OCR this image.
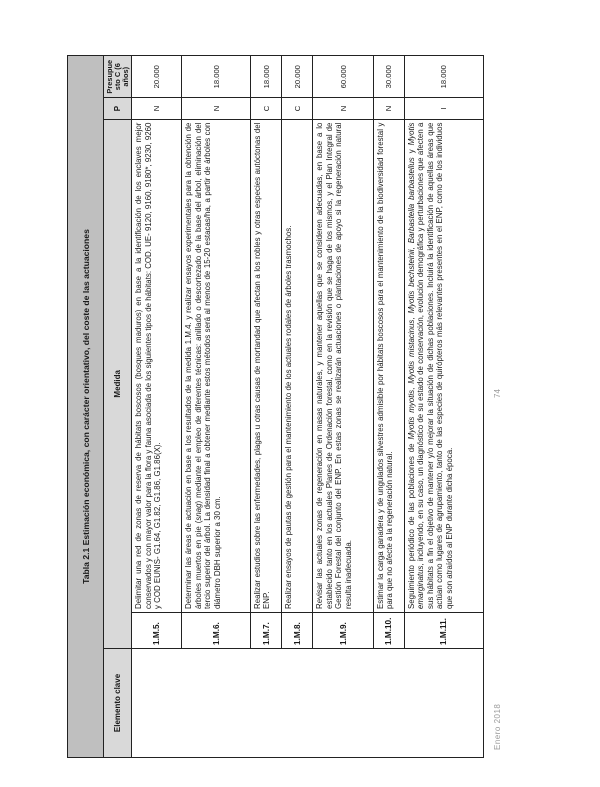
Tabla 2.1 Estimación económica, con carácter orientativo, del coste de las actuaciones				
Elemento clave	Medida		P	Presupue sto C (6 años)
	1.M.5.	Delimitar una red de zonas de reserva de hábitats boscosos (bosques maduros) en base a la identificación de los enclaves mejor conservados y con mayor valor para la flora y fauna asociada de los siguientes tipos de hábitats: COD. UE- 9120, 9160, 9180*, 9230, 9260 y COD EUNIS- G1.64, G1.82, G1.86, G1.86(X).	N	20.000
	1.M.6.	Determinar las áreas de actuación en base a los resultados de la medida 1.M.4. y realizar ensayos experimentales para la obtención de árboles muertos en pie (snag) mediante el empleo de diferentes técnicas: anillado o descortezado de la base del árbol, eliminación del tercio superior del árbol. La densidad final a obtener mediante estos métodos será al menos de 15-20 estacas/ha, a partir de árboles con diámetro DBH superior a 30 cm.	N	18.000
	1.M.7.	Realizar estudios sobre las enfermedades, plagas u otras causas de mortandad que afectan a los robles y otras especies autóctonas del ENP.	C	18.000
	1.M.8.	Realizar ensayos de pautas de gestión para el mantenimiento de los actuales rodales de árboles trasmochos.	C	20.000
	1.M.9.	Revisar las actuales zonas de regeneración en masas naturales, y mantener aquellas que se consideren adecuadas, en base a lo establecido tanto en los actuales Planes de Ordenación forestal, como en la revisión que se haga de los mismos, y el Plan Integral de Gestión Forestal del conjunto del ENP. En estas zonas se realizarán actuaciones o plantaciones de apoyo si la regeneración natural resulta inadecuada.	N	60.000
	1.M.10.	Estimar la carga ganadera y de ungulados silvestres admisible por hábitats boscosos para el mantenimiento de la biodiversidad forestal y para que no afecte a la regeneración natural.	N	30.000
	1.M.11.	Seguimiento periódico de las poblaciones de Myotis myotis, Myotis mistacinus, Myotis bechsteinii, Barbastella barbastellus y Myotis emarginatus, incluyendo, en su caso, un diagnóstico de su estado de conservación, evolución demográfica y perturbaciones que afecten a sus hábitats a fin el objetivo de mantener y/o mejorar la situación de dichas poblaciones. Incluirá la identificación de aquellas áreas que actúan como lugares de agrupamiento, tanto de las especies de quirópteros más relevantes presentes en el ENP, como de los individuos que son atraídos al ENP durante dicha época.	I	18.000
74
Enero 2018
